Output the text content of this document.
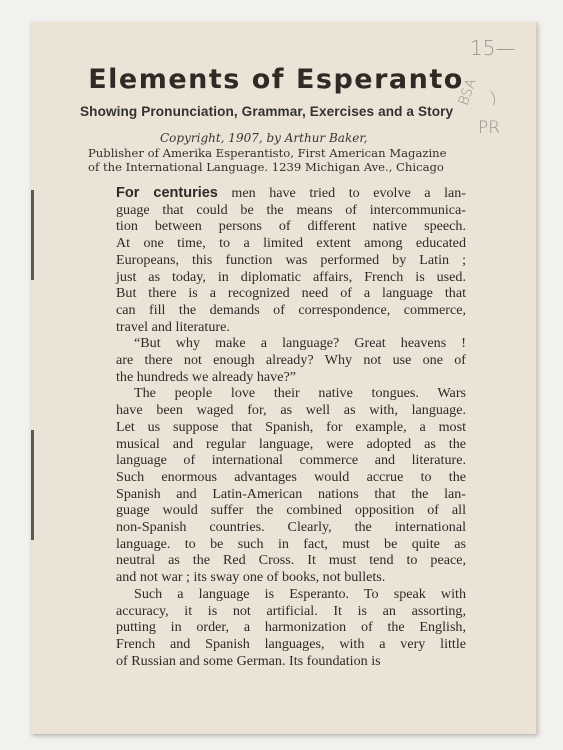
15—
BSA )
PR
Elements of Esperanto
Showing Pronunciation, Grammar, Exercises and a Story
Copyright, 1907, by Arthur Baker,
Publisher of Amerika Esperantisto, First American Magazine
of the International Language. 1239 Michigan Ave., Chicago
For centuries men have tried to evolve a lan-
guage that could be the means of intercommunica-
tion between persons of different native speech.
At one time, to a limited extent among educated
Europeans, this function was performed by Latin ;
just as today, in diplomatic affairs, French is used.
But there is a recognized need of a language that
can fill the demands of correspondence, commerce,
travel and literature.
“But why make a language? Great heavens !
are there not enough already? Why not use one of
the hundreds we already have?”
The people love their native tongues. Wars
have been waged for, as well as with, language.
Let us suppose that Spanish, for example, a most
musical and regular language, were adopted as the
language of international commerce and literature.
Such enormous advantages would accrue to the
Spanish and Latin-American nations that the lan-
guage would suffer the combined opposition of all
non-Spanish countries. Clearly, the international
language. to be such in fact, must be quite as
neutral as the Red Cross. It must tend to peace,
and not war ; its sway one of books, not bullets.
Such a language is Esperanto. To speak with
accuracy, it is not artificial. It is an assorting,
putting in order, a harmonization of the English,
French and Spanish languages, with a very little
of Russian and some German. Its foundation is
